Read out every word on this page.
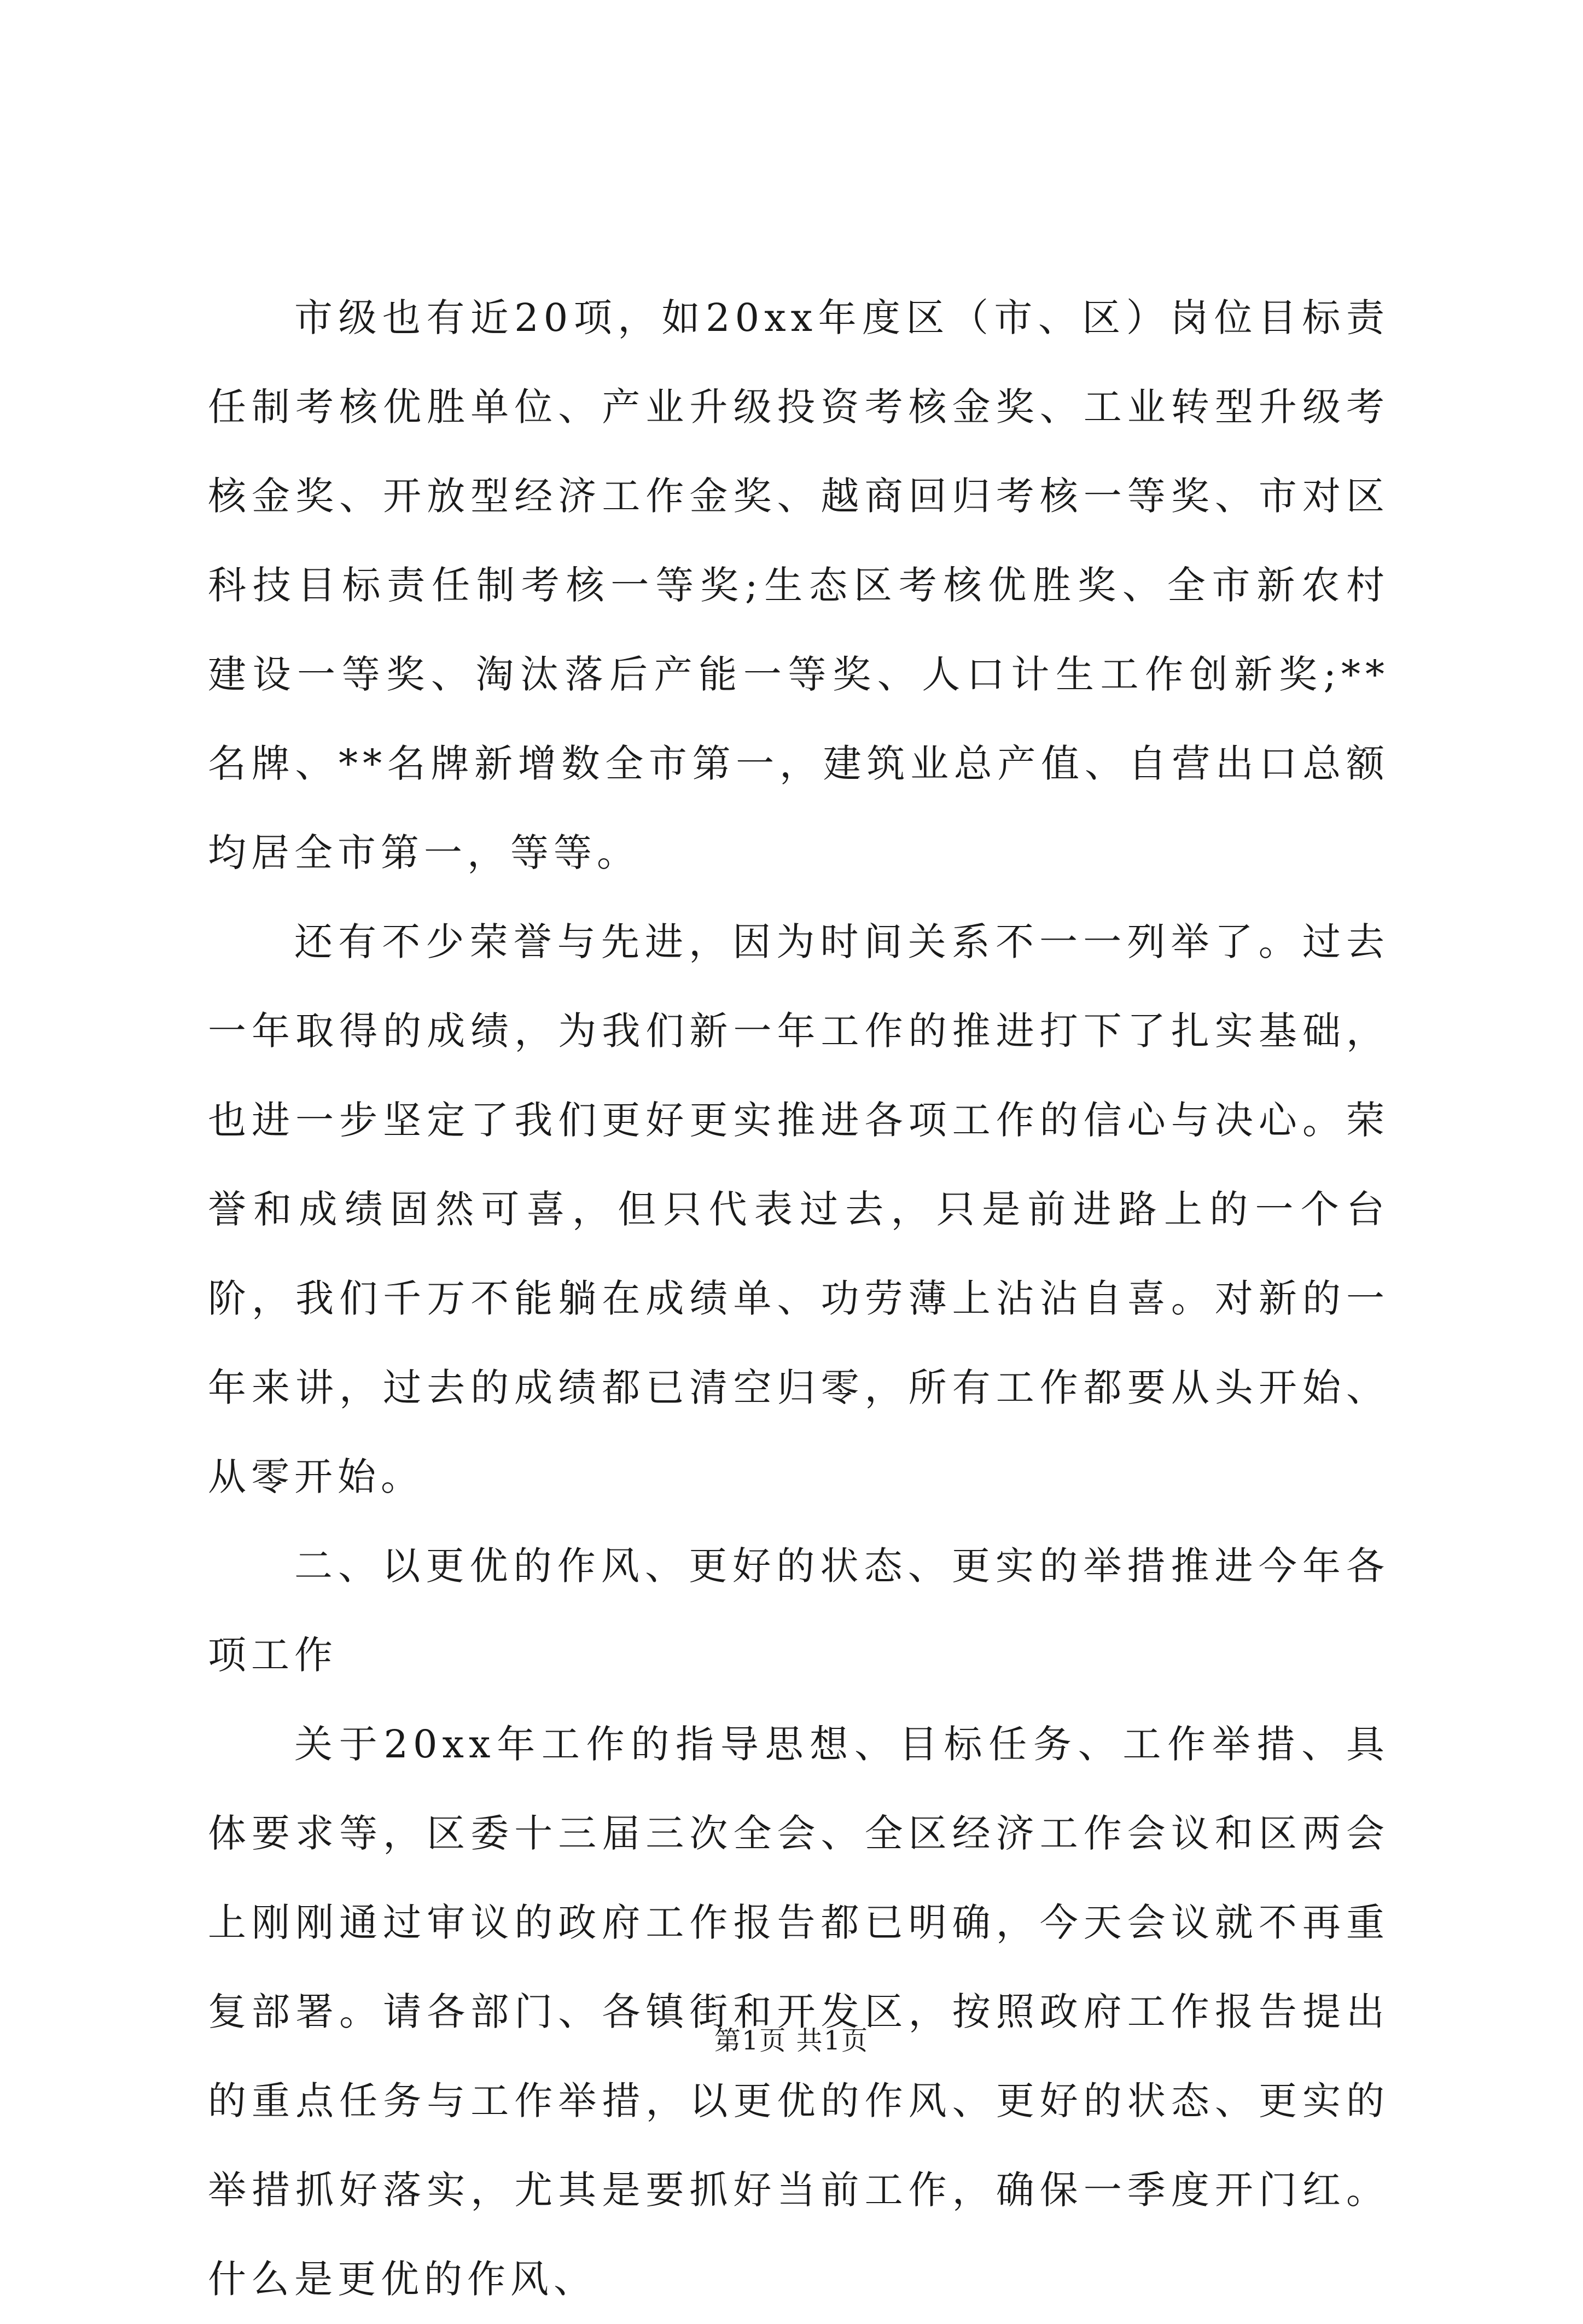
市级也有近20项，如20xx年度区（市、区）岗位目标责任制考核优胜单位、产业升级投资考核金奖、工业转型升级考核金奖、开放型经济工作金奖、越商回归考核一等奖、市对区科技目标责任制考核一等奖;生态区考核优胜奖、全市新农村建设一等奖、淘汰落后产能一等奖、人口计生工作创新奖;**名牌、**名牌新增数全市第一，建筑业总产值、自营出口总额均居全市第一，等等。

还有不少荣誉与先进，因为时间关系不一一列举了。过去一年取得的成绩，为我们新一年工作的推进打下了扎实基础，也进一步坚定了我们更好更实推进各项工作的信心与决心。荣誉和成绩固然可喜，但只代表过去，只是前进路上的一个台阶，我们千万不能躺在成绩单、功劳薄上沾沾自喜。对新的一年来讲，过去的成绩都已清空归零，所有工作都要从头开始、从零开始。

二、以更优的作风、更好的状态、更实的举措推进今年各项工作

关于20xx年工作的指导思想、目标任务、工作举措、具体要求等，区委十三届三次全会、全区经济工作会议和区两会上刚刚通过审议的政府工作报告都已明确，今天会议就不再重复部署。请各部门、各镇街和开发区，按照政府工作报告提出的重点任务与工作举措，以更优的作风、更好的状态、更实的举措抓好落实，尤其是要抓好当前工作，确保一季度开门红。什么是更优的作风、

第1页 共1页
